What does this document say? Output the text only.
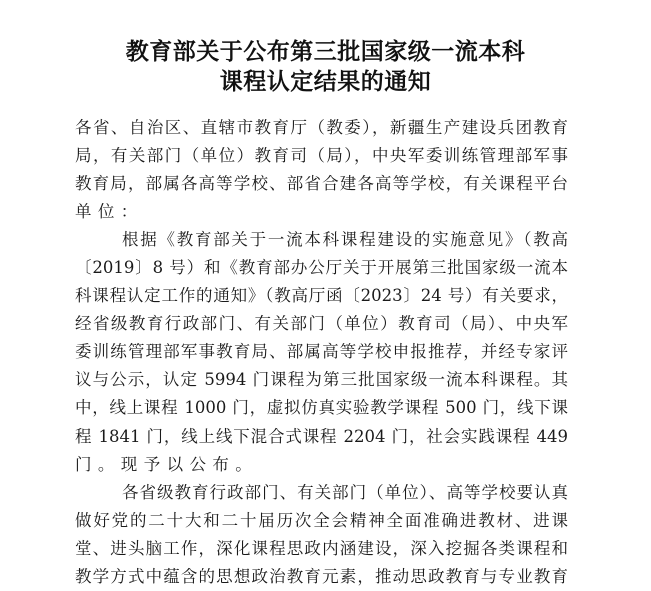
教育部关于公布第三批国家级一流本科
课程认定结果的通知
各省、自治区、直辖市教育厅（教委），新疆生产建设兵团教育
局，有关部门（单位）教育司（局），中央军委训练管理部军事
教育局，部属各高等学校、部省合建各高等学校，有关课程平台
单位：
根据《教育部关于一流本科课程建设的实施意见》（教高
〔2019〕8 号）和《教育部办公厅关于开展第三批国家级一流本
科课程认定工作的通知》（教高厅函〔2023〕24 号）有关要求，
经省级教育行政部门、有关部门（单位）教育司（局）、中央军
委训练管理部军事教育局、部属高等学校申报推荐，并经专家评
议与公示，认定 5994 门课程为第三批国家级一流本科课程。其
中，线上课程 1000 门，虚拟仿真实验教学课程 500 门，线下课
程 1841 门，线上线下混合式课程 2204 门，社会实践课程 449
门。现予以公布。
各省级教育行政部门、有关部门（单位）、高等学校要认真
做好党的二十大和二十届历次全会精神全面准确进教材、进课
堂、进头脑工作，深化课程思政内涵建设，深入挖掘各类课程和
教学方式中蕴含的思想政治教育元素，推动思政教育与专业教育
